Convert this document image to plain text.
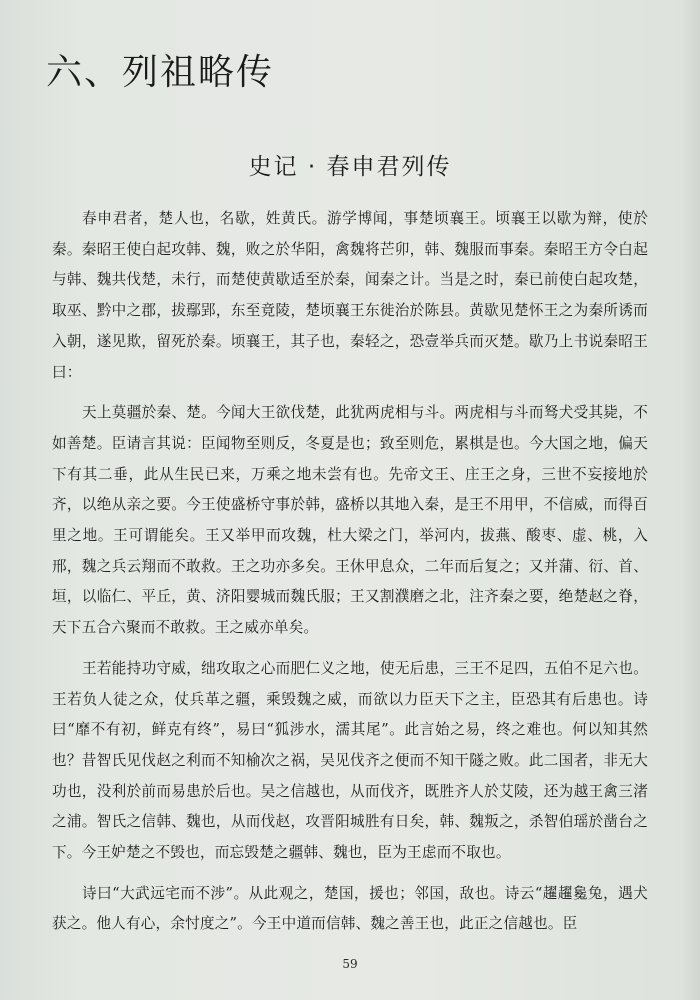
六、列祖略传
史记 · 春申君列传

春申君者，楚人也，名歇，姓黄氏。游学博闻，事楚顷襄王。顷襄王以歇为辩，使於秦。秦昭王使白起攻韩、魏，败之於华阳，禽魏将芒卯，韩、魏服而事秦。秦昭王方令白起与韩、魏共伐楚，未行，而楚使黄歇适至於秦，闻秦之计。当是之时，秦已前使白起攻楚，取巫、黔中之郡，拔鄢郢，东至竟陵，楚顷襄王东徙治於陈县。黄歇见楚怀王之为秦所诱而入朝，遂见欺，留死於秦。顷襄王，其子也，秦轻之，恐壹举兵而灭楚。歇乃上书说秦昭王曰：

天上莫疆於秦、楚。今闻大王欲伐楚，此犹两虎相与斗。两虎相与斗而驽犬受其毙，不如善楚。臣请言其说：臣闻物至则反，冬夏是也；致至则危，累棋是也。今大国之地，偏天下有其二垂，此从生民已来，万乘之地未尝有也。先帝文王、庄王之身，三世不妄接地於齐，以绝从亲之要。今王使盛桥守事於韩，盛桥以其地入秦，是王不用甲，不信威，而得百里之地。王可谓能矣。王又举甲而攻魏，杜大梁之门，举河内，拔燕、酸枣、虚、桃，入邢，魏之兵云翔而不敢救。王之功亦多矣。王休甲息众，二年而后复之；又并蒲、衍、首、垣，以临仁、平丘，黄、济阳婴城而魏氏服；王又割濮磨之北，注齐秦之要，绝楚赵之脊，天下五合六聚而不敢救。王之威亦单矣。

王若能持功守威，绌攻取之心而肥仁义之地，使无后患，三王不足四，五伯不足六也。王若负人徒之众，仗兵革之疆，乘毁魏之威，而欲以力臣天下之主，臣恐其有后患也。诗曰“靡不有初，鲜克有终”，易曰“狐涉水，濡其尾”。此言始之易，终之难也。何以知其然也？昔智氏见伐赵之利而不知榆次之祸，吴见伐齐之便而不知干隧之败。此二国者，非无大功也，没利於前而易患於后也。吴之信越也，从而伐齐，既胜齐人於艾陵，还为越王禽三渚之浦。智氏之信韩、魏也，从而伐赵，攻晋阳城胜有日矣，韩、魏叛之，杀智伯瑶於凿台之下。今王妒楚之不毁也，而忘毁楚之疆韩、魏也，臣为王虑而不取也。

诗曰“大武远宅而不涉”。从此观之，楚国，援也；邻国，敌也。诗云“趯趯毚兔，遇犬获之。他人有心，余忖度之”。今王中道而信韩、魏之善王也，此正之信越也。臣

59
